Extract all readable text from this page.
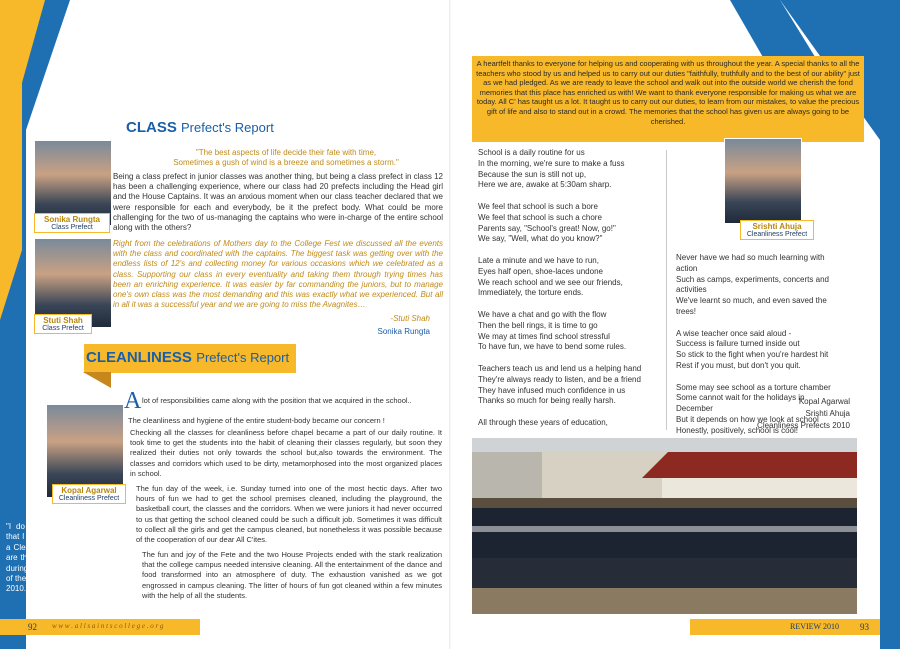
CLASS Prefect's Report
Sonika Rungta
Class Prefect
Stuti Shah
Class Prefect
"The best aspects of life decide their fate with time,
Sometimes a gush of wind is a breeze and sometimes a storm."
Being a class prefect in junior classes was another thing, but being a class prefect in class 12 has been a challenging experience, where our class had 20 prefects including the Head girl and the House Captains. It was an anxious moment when our class teacher declared that we were responsible for each and everybody, be it the prefect body. What could be more challenging for the two of us-managing the captains who were in-charge of the entire school along with the others?
Right from the celebrations of Mothers day to the College Fest we discussed all the events with the class and coordinated with the captains. The biggest task was getting over with the endless lists of 12's and collecting money for various occasions which we celebrated as a class. Supporting our class in every eventuality and taking them through trying times has been an enriching experience. It was easier by far commanding the juniors, but to manage one's own class was the most demanding and this was exactly what we experienced. But all in all it was a successful year and we are going to miss the Avagnites…
-Stuti Shah
Sonika Rungta
CLEANLINESS Prefect's Report
Kopal Agarwal
Cleanliness Prefect
"I do hereby solemnly pledge that I will carry out the duties of a Cleanliness Prefect....." these are the words that we repeated during the Investiture Ceremony of the office bearers for the year 2010.
A lot of responsibilities came along with the position that we acquired in the school..
The cleanliness and hygiene of the entire student-body became our concern !
Checking all the classes for cleanliness before chapel became a part of our daily routine. It took time to get the students into the habit of cleaning their classes regularly, but soon they realized their duties not only towards the school but,also towards the environment. The classes and corridors which used to be dirty, metamorphosed into the most organized places in school.
The fun day of the week, i.e. Sunday turned into one of the most hectic days. After two hours of fun we had to get the school premises cleaned, including the playground, the basketball court, the classes and the corridors. When we were juniors it had never occurred to us that getting the school cleaned could be such a difficult job. Sometimes it was difficult to collect all the girls and get the campus cleaned, but nonetheless it was possible because of the cooperation of our dear All C'ites.
The fun and joy of the Fete and the two House Projects ended with the stark realization that the college campus needed intensive cleaning. All the entertainment of the dance and food transformed into an atmosphere of duty. The exhaustion vanished as we got engrossed in campus cleaning. The litter of hours of fun got cleaned within a few minutes with the help of all the students.
92 w w w . a l l s a i n t s c o l l e g e . o r g
A heartfelt thanks to everyone for helping us and cooperating with us throughout the year. A special thanks to all the teachers who stood by us and helped us to carry out our duties "faithfully, truthfully and to the best of our ability" just as we had pledged. As we are ready to leave the school and walk out into the outside world we cherish the fond memories that this place has enriched us with! We want to thank everyone responsible for making us what we are today. All C' has taught us a lot. It taught us to carry out our duties, to learn from our mistakes, to value the precious gift of life and also to stand out in a crowd. The memories that the school has given us are always going to be cherished.
School is a daily routine for us
In the morning, we're sure to make a fuss
Because the sun is still not up,
Here we are, awake at 5:30am sharp.

We feel that school is such a bore
We feel that school is such a chore
Parents say, "School's great! Now, go!"
We say, "Well, what do you know?"

Late a minute and we have to run,
Eyes half open, shoe-laces undone
We reach school and we see our friends,
Immediately, the torture ends.

We have a chat and go with the flow
Then the bell rings, it is time to go
We may at times find school stressful
To have fun, we have to bend some rules.

Teachers teach us and lend us a helping hand
They're always ready to listen, and be a friend
They have infused much confidence in us
Thanks so much for being really harsh.

All through these years of education,
Srishti Ahuja
Cleanliness Prefect
Never have we had so much learning with action
Such as camps, experiments, concerts and activities
We've learnt so much, and even saved the trees!

A wise teacher once said aloud -
Success is failure turned inside out
So stick to the fight when you're hardest hit
Rest if you must, but don't you quit.

Some may see school as a torture chamber
Some cannot wait for the holidays in December
But it depends on how we look at school
Honestly, positively, school is cool!
Kopal Agarwal
Srishti Ahuja
Cleanliness Prefects 2010
REVIEW 2010 93
